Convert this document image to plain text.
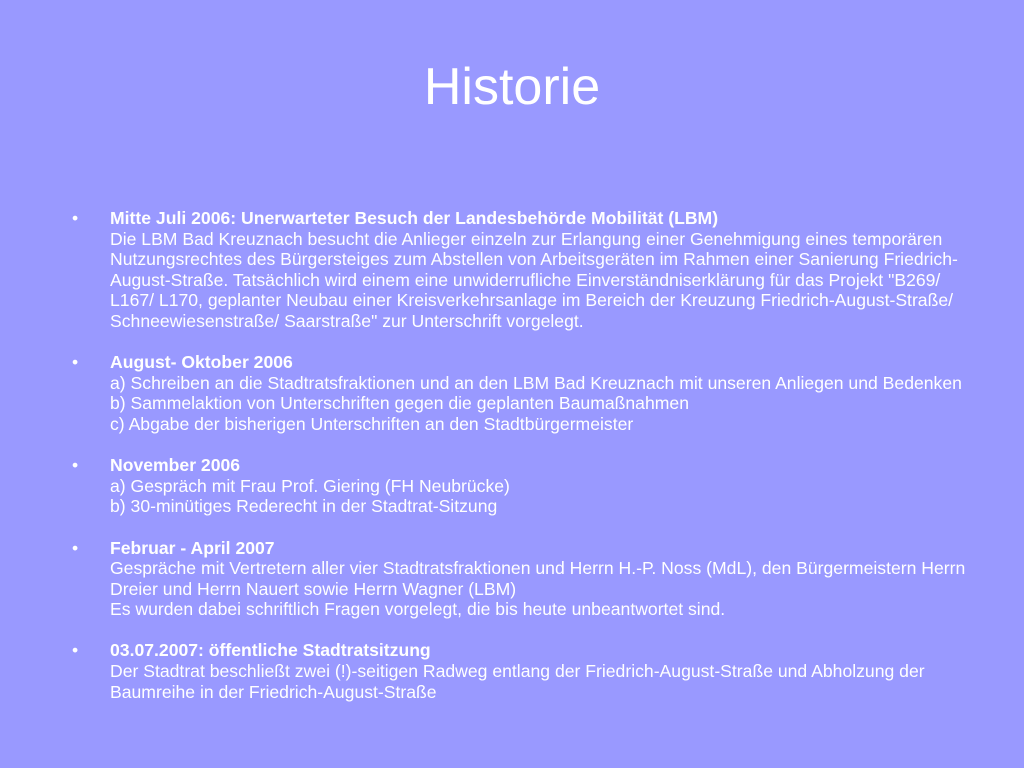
Historie
•	Mitte Juli 2006: Unerwarteter Besuch der Landesbehörde Mobilität (LBM)
Die LBM Bad Kreuznach besucht die Anlieger einzeln zur Erlangung einer Genehmigung eines temporären Nutzungsrechtes des Bürgersteiges zum Abstellen von Arbeitsgeräten im Rahmen einer Sanierung Friedrich-August-Straße. Tatsächlich wird einem eine unwiderrufliche Einverständniserklärung für das Projekt "B269/ L167/ L170, geplanter Neubau einer Kreisverkehrsanlage im Bereich der Kreuzung Friedrich-August-Straße/ Schneewiesenstraße/ Saarstraße" zur Unterschrift vorgelegt.
•	August- Oktober 2006
a) Schreiben an die Stadtratsfraktionen und an den LBM Bad Kreuznach mit unseren Anliegen und Bedenken
b) Sammelaktion von Unterschriften gegen die geplanten Baumaßnahmen
c) Abgabe der bisherigen Unterschriften an den Stadtbürgermeister
•	November 2006
a) Gespräch mit Frau Prof. Giering (FH Neubrücke)
b) 30-minütiges Rederecht in der Stadtrat-Sitzung
•	Februar - April 2007
Gespräche mit Vertretern aller vier Stadtratsfraktionen und Herrn H.-P. Noss (MdL), den Bürgermeistern Herrn Dreier und Herrn Nauert sowie Herrn Wagner (LBM)
Es wurden dabei schriftlich Fragen vorgelegt, die bis heute unbeantwortet sind.
•	03.07.2007: öffentliche Stadtratsitzung
Der Stadtrat beschließt zwei (!)-seitigen Radweg entlang der Friedrich-August-Straße und Abholzung der Baumreihe in der Friedrich-August-Straße
